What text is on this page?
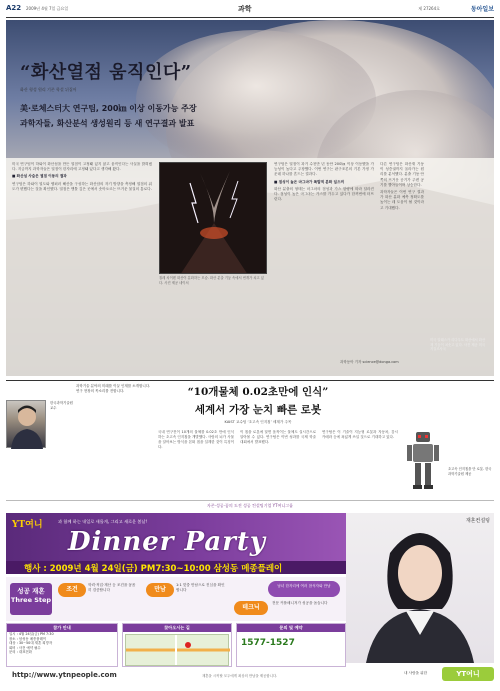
A22 2009년 4월 7일 금요일	과학	제 27264호	동아일보
“화산열점 움직인다”
화산 형성 원리 기존 학설 뒤집어
美·로체스터大 연구팀, 200㎞ 이상 이동가능 주장
과학자들, 화산분석 생성원리 등 새 연구결과 발표

미국 연구팀이 하와이 화산섬을 만든 열점이 고정돼 있지 않고 움직인다는 사실을 밝혀냈다. 지금까지 과학자들은 열점이 한자리에 고정돼 있다고 생각해 왔다.

■ 화산섬 사슬은 열점 이동의 결과

연구팀은 하와이 열도와 엠퍼러 해산을 구성하는 화산암의 자기 방향을 측정해 열점의 위도가 변했다는 것을 확인했다. 열점은 맨틀 깊은 곳에서 솟아오르는 뜨거운 물질의 통로다.

칠레 차이텐 화산이 분화하는 모습. 화산 분출 기둥 속에서 번개가 치고 있다. 사진 제공 네이처

연구팀은 열점이 과거 수천만 년 동안 200㎞ 이상 이동했을 가능성이 높다고 주장했다. 이번 연구는 판구조론의 기본 가정 가운데 하나를 흔드는 결과다.

■ 점성이 높은 마그마가 폭발적 분화 일으켜

화산 분출의 형태는 마그마의 점성과 가스 함량에 따라 달라진다. 점성이 높은 마그마는 가스를 가두고 있다가 한꺼번에 터뜨린다.

다른 연구팀은 화산재 기둥이 성층권까지 올라가는 원리를 분석했다. 분출 기둥 안쪽의 뜨거운 공기가 주변 공기를 빨아들이며 상승한다.

과학자들은 이번 연구 결과가 화산 분화 예측 정확도를 높이는 데 도움이 될 것이라고 기대했다.

미국 알래스카 리다우트 화산에서 화산재 기둥이 치솟고 있다. 사진 제공 미국지질조사국
과학동아 기자 science@donga.com
한국과학기술원 교수
과학기술 분야의 미래를 이끌 인재를 소개합니다. 연구 현장의 목소리를 전합니다.	“10개물체 0.02초만에 인식”
세계서 가장 눈치 빠른 로봇
KAIST 교수팀 ‘초고속 인지칩’ 세계가 주목
국내 연구진이 10개의 물체를 0.02초 만에 인식하는 초고속 인지칩을 개발했다. 사람의 뇌가 사물을 알아보는 방식을 본떠 칩을 설계한 것이 특징이다.
이 칩을 로봇에 달면 움직이는 물체도 실시간으로 알아볼 수 있다. 연구팀은 이번 성과를 국제 학술대회에서 발표했다.
연구팀은 이 기술이 지능형 로봇과 자동차, 감시 카메라 등에 폭넓게 쓰일 것으로 기대하고 있다.
초고속 인지칩을 단 로봇. 한국과학기술원 제공
자존·성공·꿈의 도전 성공 컨설팅기업 YT여니그룹
YT여니	과 함께 하는 내일로 새롭게, 그리고 새로운 봄날!
Dinner Party
행사 : 2009년 4월 24일(금) PM7:30~10:00 삼성동 메종플레이
성공 재혼
Three Step
조건
학력·직업·재산 등 조건을 꼼꼼히 검증합니다	만남
1:1 맞춤 만남으로 진심을 확인합니다
테크닉
전문 커플매니저가 성공을 돕습니다
남녀 한자리에 여러 참석자와 만남
참가 안내
일시 : 4월 24일(금) PM 7:30
장소 : 삼성동 메종플레이
대상 : 30~50대 재혼 희망자
회비 : 사전 예약 필수
문의 : 대표전화
찾아오시는 길	문의 및 예약
1577-1527
재혼컨설팅
http://www.ytnpeople.com	재혼을 시작할 모두에게 최상의 만남을 제공합니다.
내 사람을 위한	YT여니
